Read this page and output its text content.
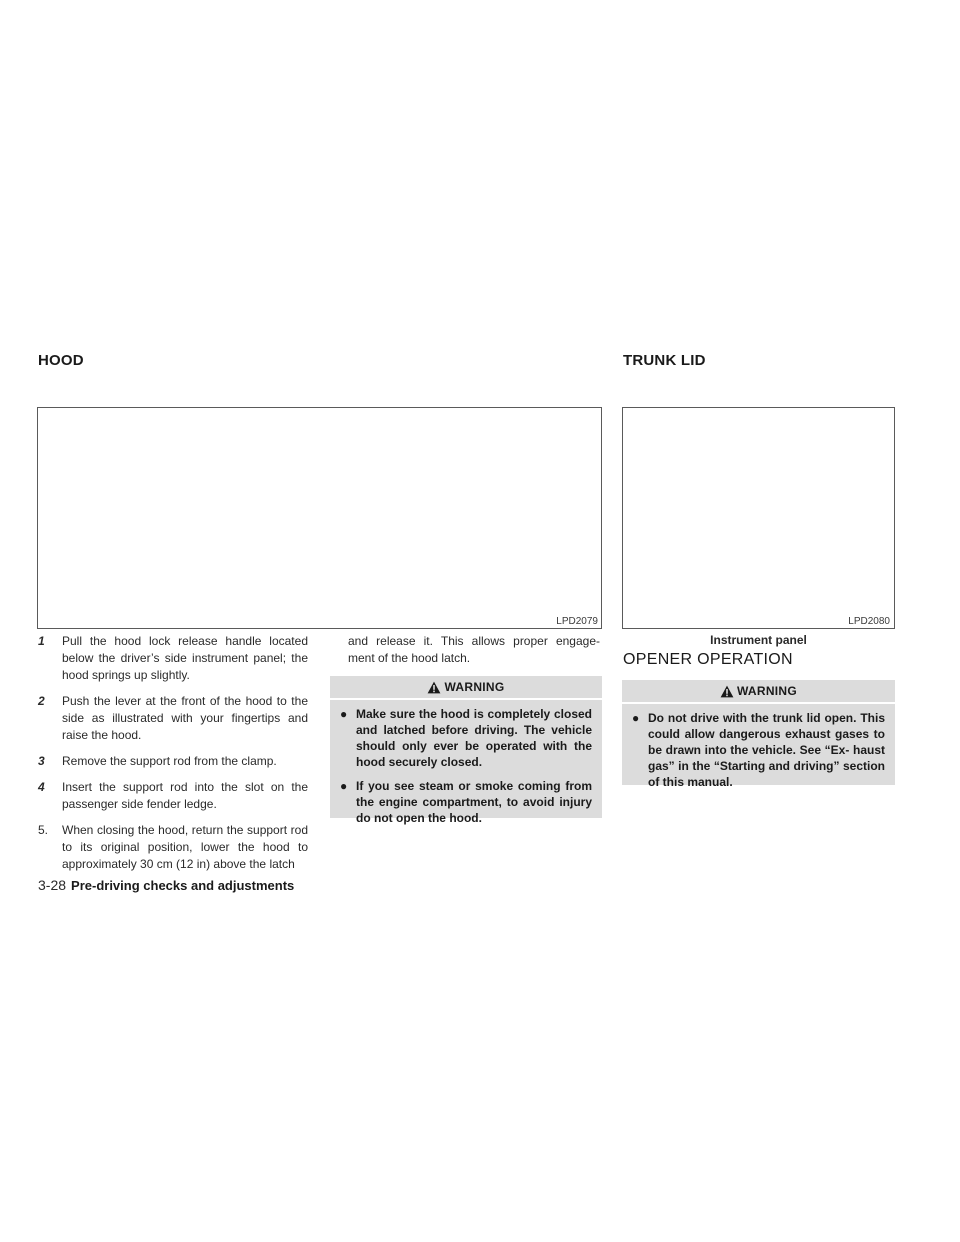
HOOD	TRUNK LID
LPD2079	LPD2080
Instrument panel

1 Pull the hood lock release handle located below the driver’s side instrument panel; the hood springs up slightly.

2 Push the lever at the front of the hood to the side as illustrated with your fingertips and raise the hood.

3 Remove the support rod from the clamp.

4 Insert the support rod into the slot on the passenger side fender ledge.

5. When closing the hood, return the support rod to its original position, lower the hood to approximately 30 cm (12 in) above the latch

and release it. This allows proper engage- ment of the hood latch.
WARNING
● Make sure the hood is completely closed and latched before driving. The vehicle should only ever be operated with the hood securely closed.
● If you see steam or smoke coming from the engine compartment, to avoid injury do not open the hood.
OPENER OPERATION
WARNING
● Do not drive with the trunk lid open. This could allow dangerous exhaust gases to be drawn into the vehicle. See “Ex- haust gas” in the “Starting and driving” section of this manual.
3-28 Pre-driving checks and adjustments
